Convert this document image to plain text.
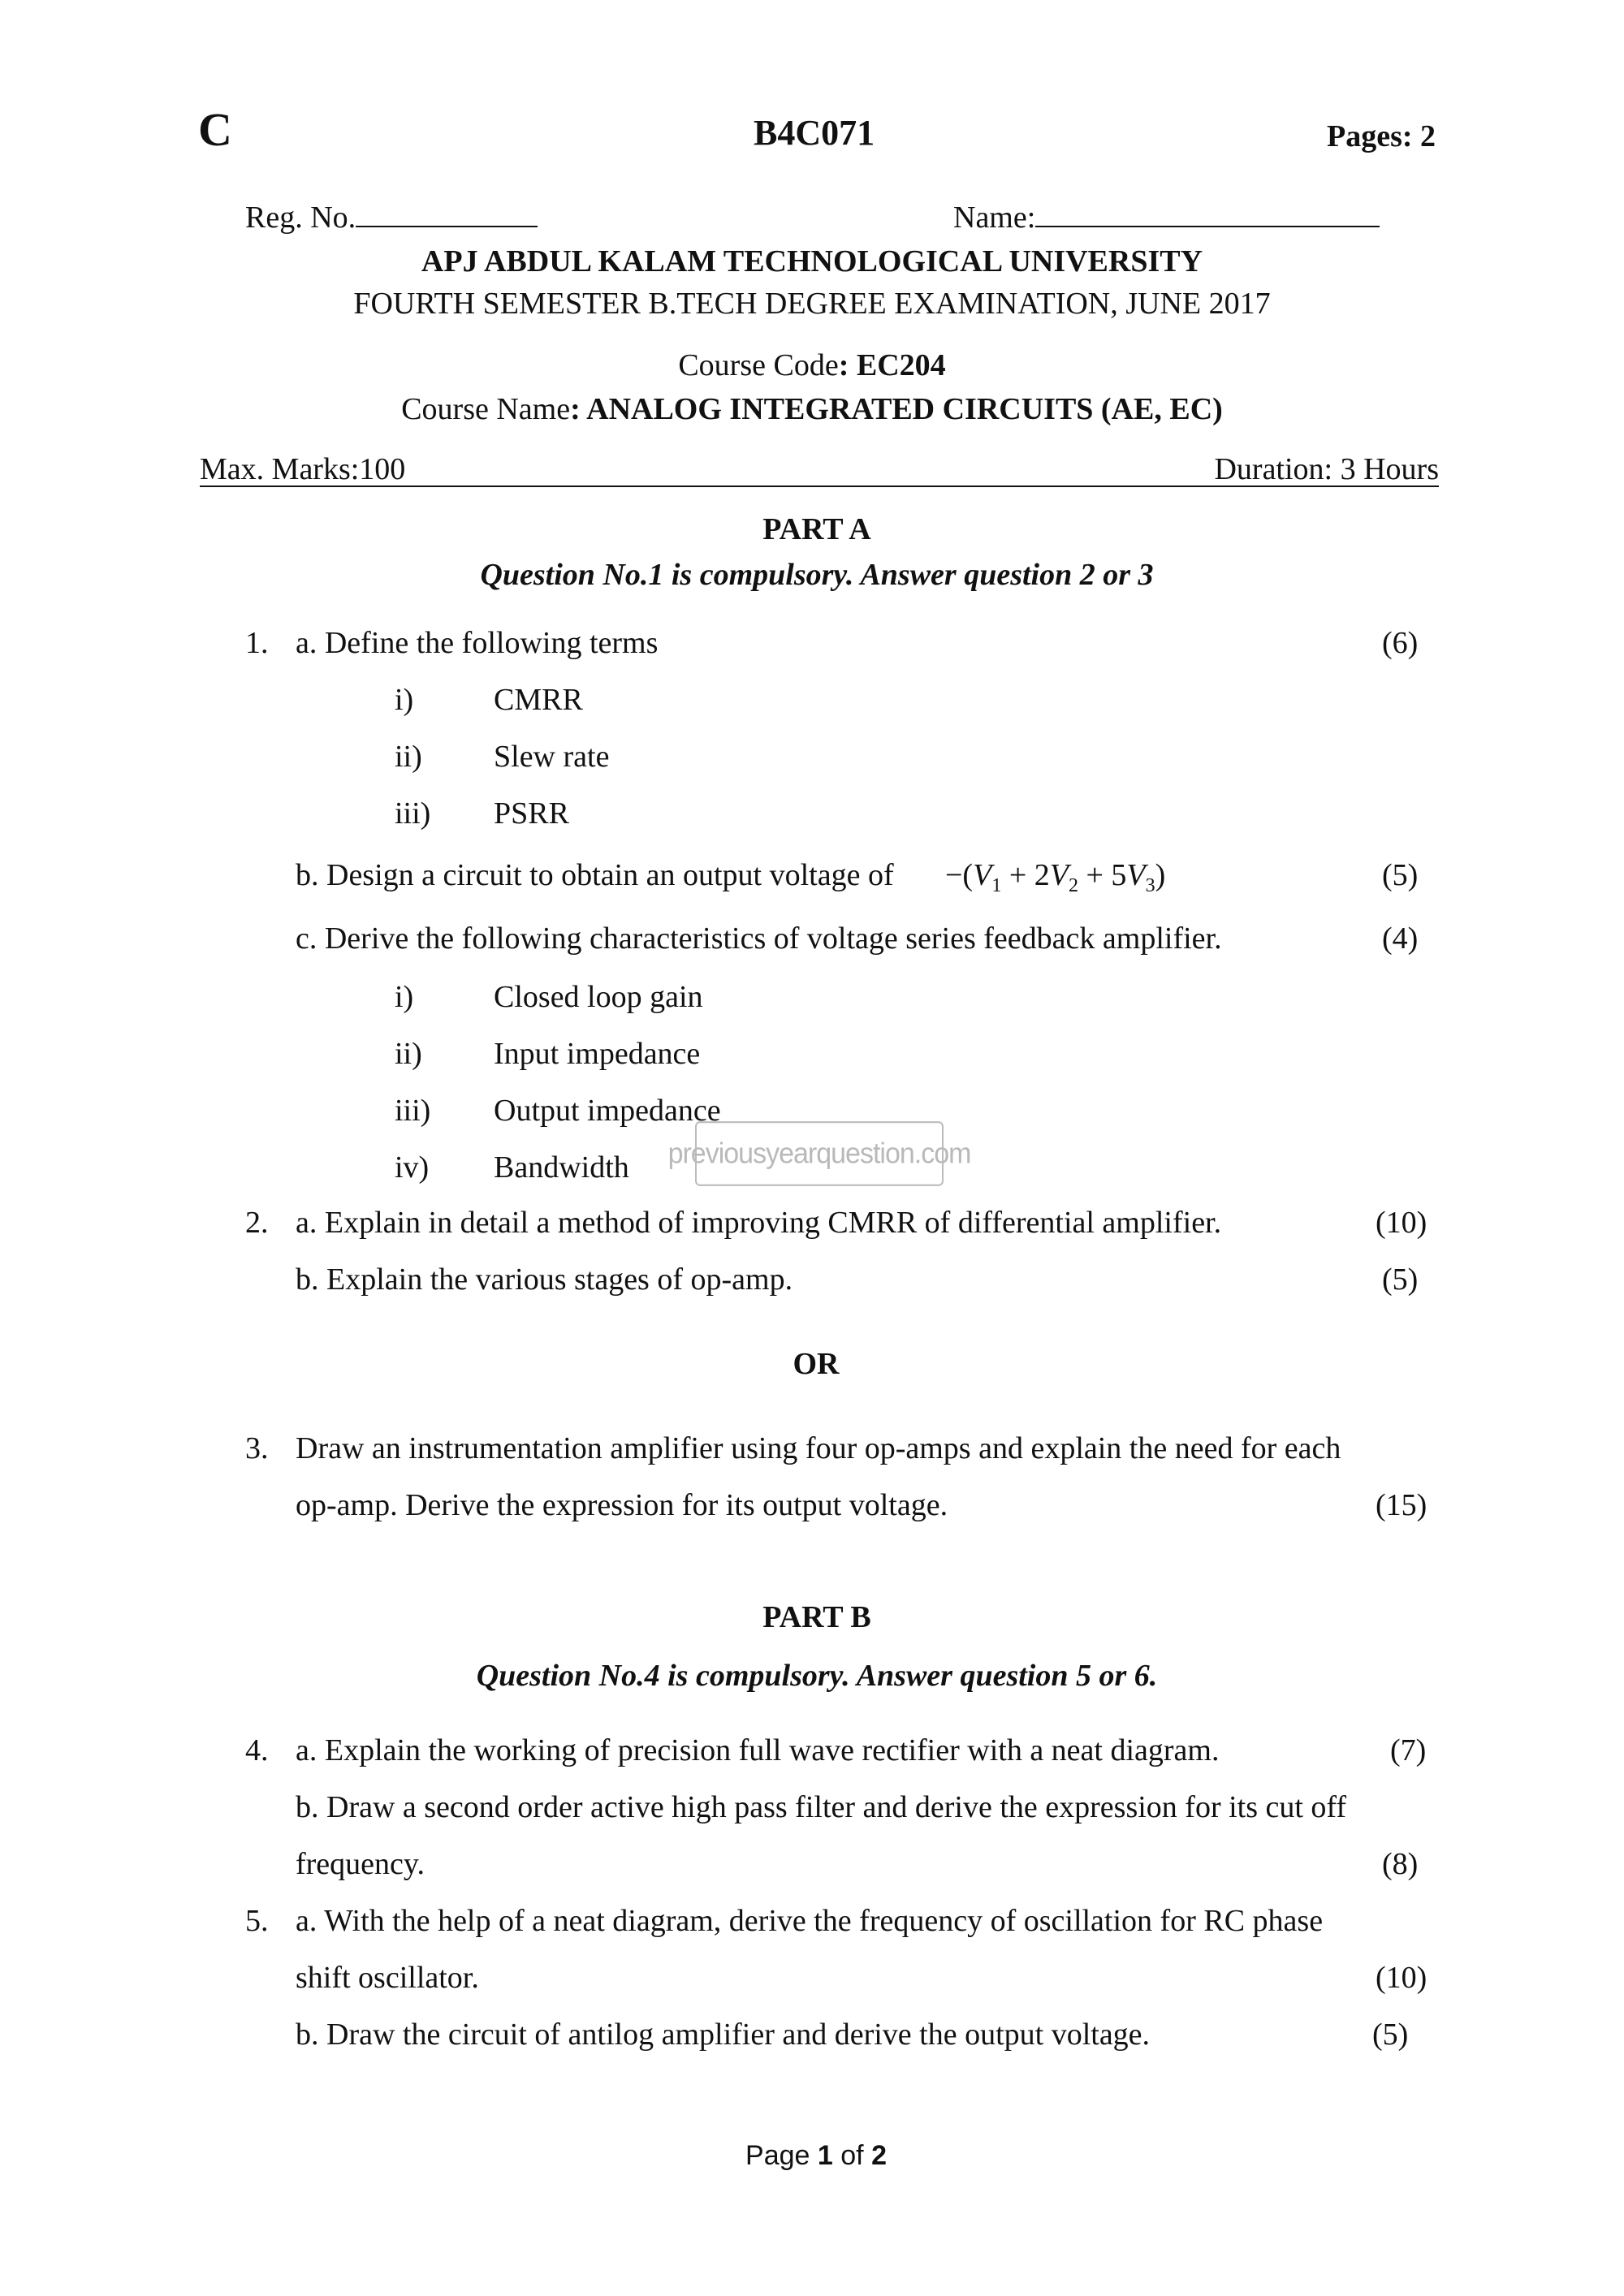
C	B4C071	Pages: 2
Reg. No.	Name:
APJ ABDUL KALAM TECHNOLOGICAL UNIVERSITY
FOURTH SEMESTER B.TECH DEGREE EXAMINATION, JUNE 2017
Course Code: EC204
Course Name: ANALOG INTEGRATED CIRCUITS (AE, EC)
Max. Marks:100	Duration: 3 Hours
PART A
Question No.1 is compulsory. Answer question 2 or 3
1. a. Define the following terms	(6)
i)	CMRR
ii) Slew rate
iii) PSRR
b. Design a circuit to obtain an output voltage of $-(V_1 + 2V_2 + 5V_3)$	(5)
c. Derive the following characteristics of voltage series feedback amplifier.	(4)
i)	Closed loop gain
ii) Input impedance
iii) Output impedance
iv) Bandwidth previousyearquestion.com
2. a. Explain in detail a method of improving CMRR of differential amplifier.	(10)
b. Explain the various stages of op-amp.	(5)
OR
3. Draw an instrumentation amplifier using four op-amps and explain the need for each
op-amp. Derive the expression for its output voltage.	(15)
PART B
Question No.4 is compulsory. Answer question 5 or 6.
4. a. Explain the working of precision full wave rectifier with a neat diagram.	(7)
b. Draw a second order active high pass filter and derive the expression for its cut off
frequency.	(8)
5. a. With the help of a neat diagram, derive the frequency of oscillation for RC phase
shift oscillator.	(10)
b. Draw the circuit of antilog amplifier and derive the output voltage.	(5)
Page 1 of 2
